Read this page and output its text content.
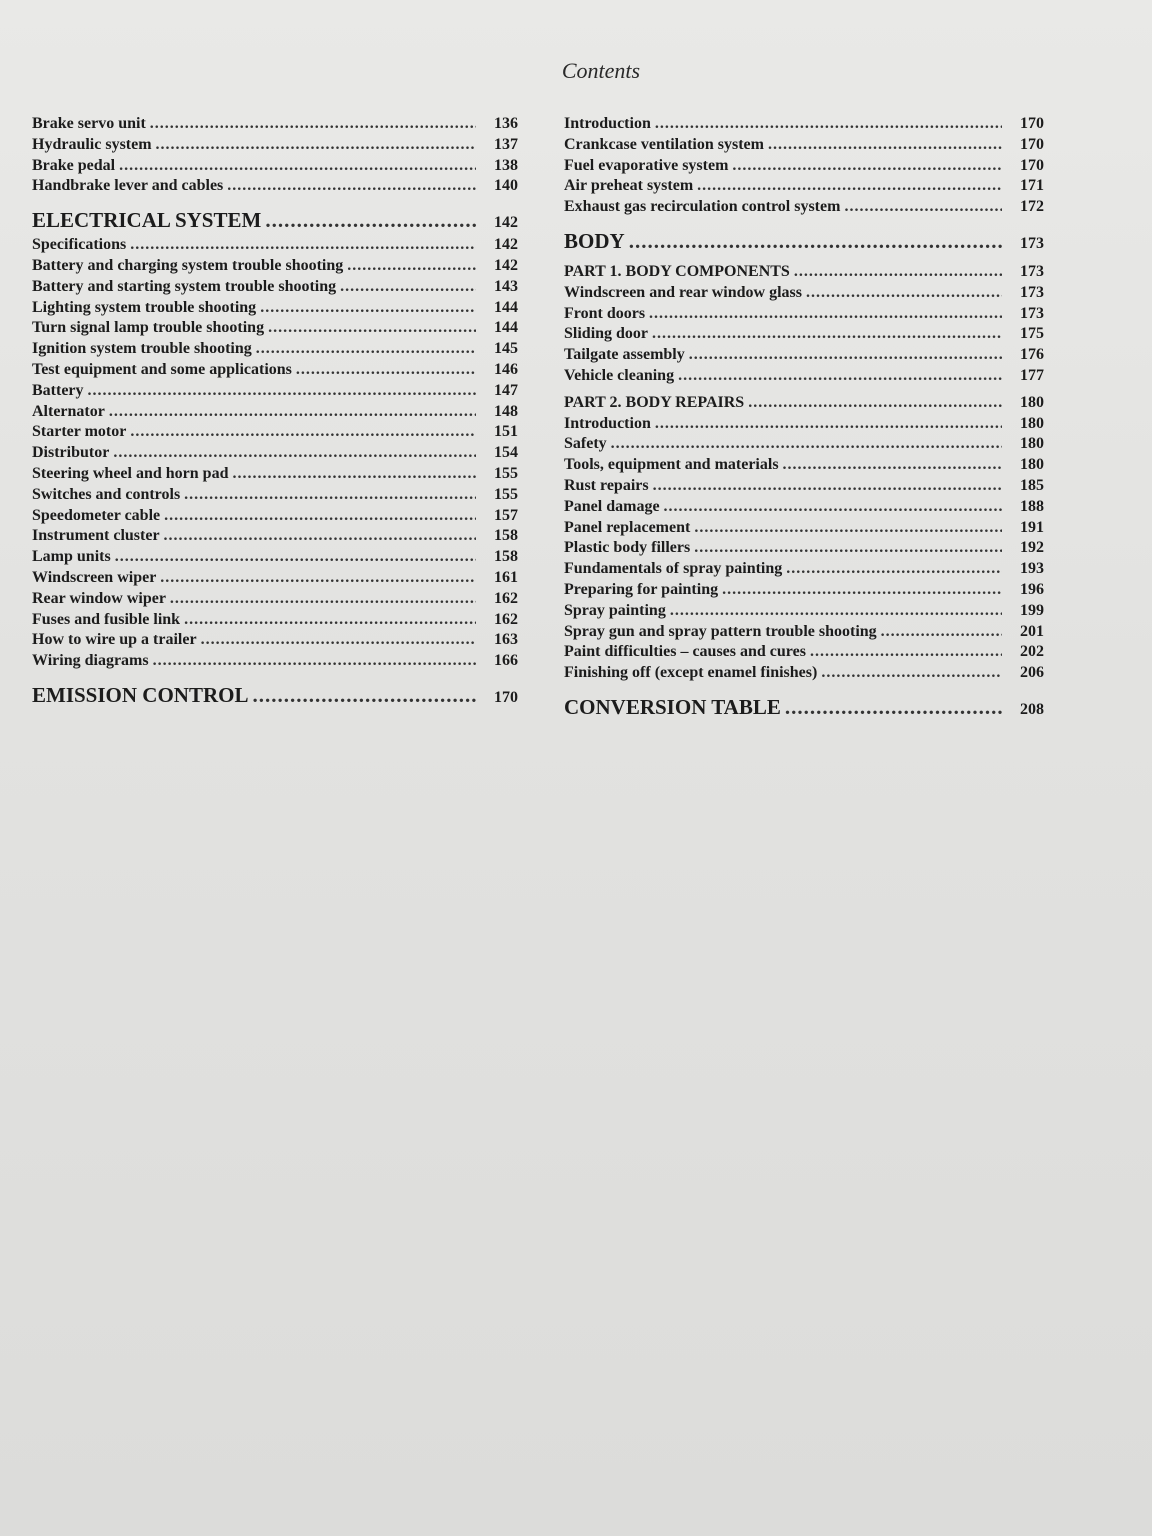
Contents
Brake servo unit .....	136
Hydraulic system .....	137
Brake pedal .....	138
Handbrake lever and cables .....	140
ELECTRICAL SYSTEM .....	142
Specifications .....	142
Battery and charging system trouble shooting .....	142
Battery and starting system trouble shooting .....	143
Lighting system trouble shooting .....	144
Turn signal lamp trouble shooting .....	144
Ignition system trouble shooting .....	145
Test equipment and some applications .....	146
Battery .....	147
Alternator .....	148
Starter motor .....	151
Distributor .....	154
Steering wheel and horn pad .....	155
Switches and controls .....	155
Speedometer cable .....	157
Instrument cluster .....	158
Lamp units .....	158
Windscreen wiper .....	161
Rear window wiper .....	162
Fuses and fusible link .....	162
How to wire up a trailer .....	163
Wiring diagrams .....	166
EMISSION CONTROL .....	170
Introduction .....	170
Crankcase ventilation system .....	170
Fuel evaporative system .....	170
Air preheat system .....	171
Exhaust gas recirculation control system .....	172
BODY .....	173
PART 1. BODY COMPONENTS .....	173
Windscreen and rear window glass .....	173
Front doors .....	173
Sliding door .....	175
Tailgate assembly .....	176
Vehicle cleaning .....	177
PART 2. BODY REPAIRS .....	180
Introduction .....	180
Safety .....	180
Tools, equipment and materials .....	180
Rust repairs .....	185
Panel damage .....	188
Panel replacement .....	191
Plastic body fillers .....	192
Fundamentals of spray painting .....	193
Preparing for painting .....	196
Spray painting .....	199
Spray gun and spray pattern trouble shooting .....	201
Paint difficulties – causes and cures .....	202
Finishing off (except enamel finishes) .....	206
CONVERSION TABLE .....	208
